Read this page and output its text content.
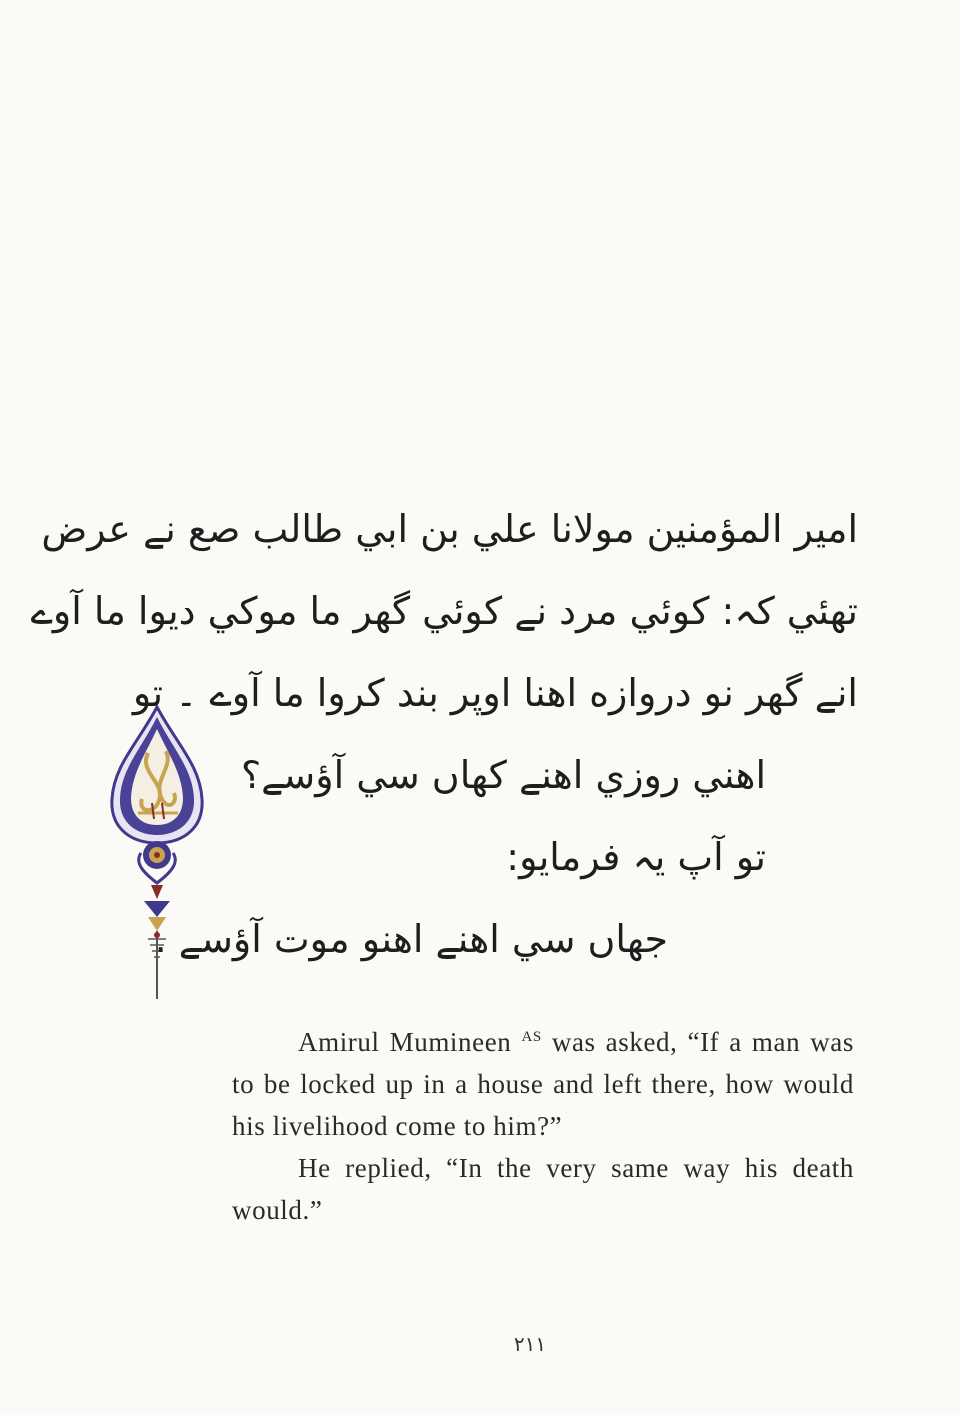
امير المؤمنين مولانا علي بن ابي طالب صع نے عرض
تھئي کہ: کوئي مرد نے کوئي گھر ما موکي ديوا ما آوے
انے گھر نو دروازه اهنا اوپر بند کروا ما آوے ۔ تو
اهني روزي اهنے کهاں سي آؤسے؟
تو آپ يہ فرمايو:
جهاں سي اهنے اهنو موت آؤسے .

Amirul Mumineen $^{AS}$ was asked, “If a man was to be locked up in a house and left there, how would his livelihood come to him?”

He replied, “In the very same way his death would.”

٢١١
